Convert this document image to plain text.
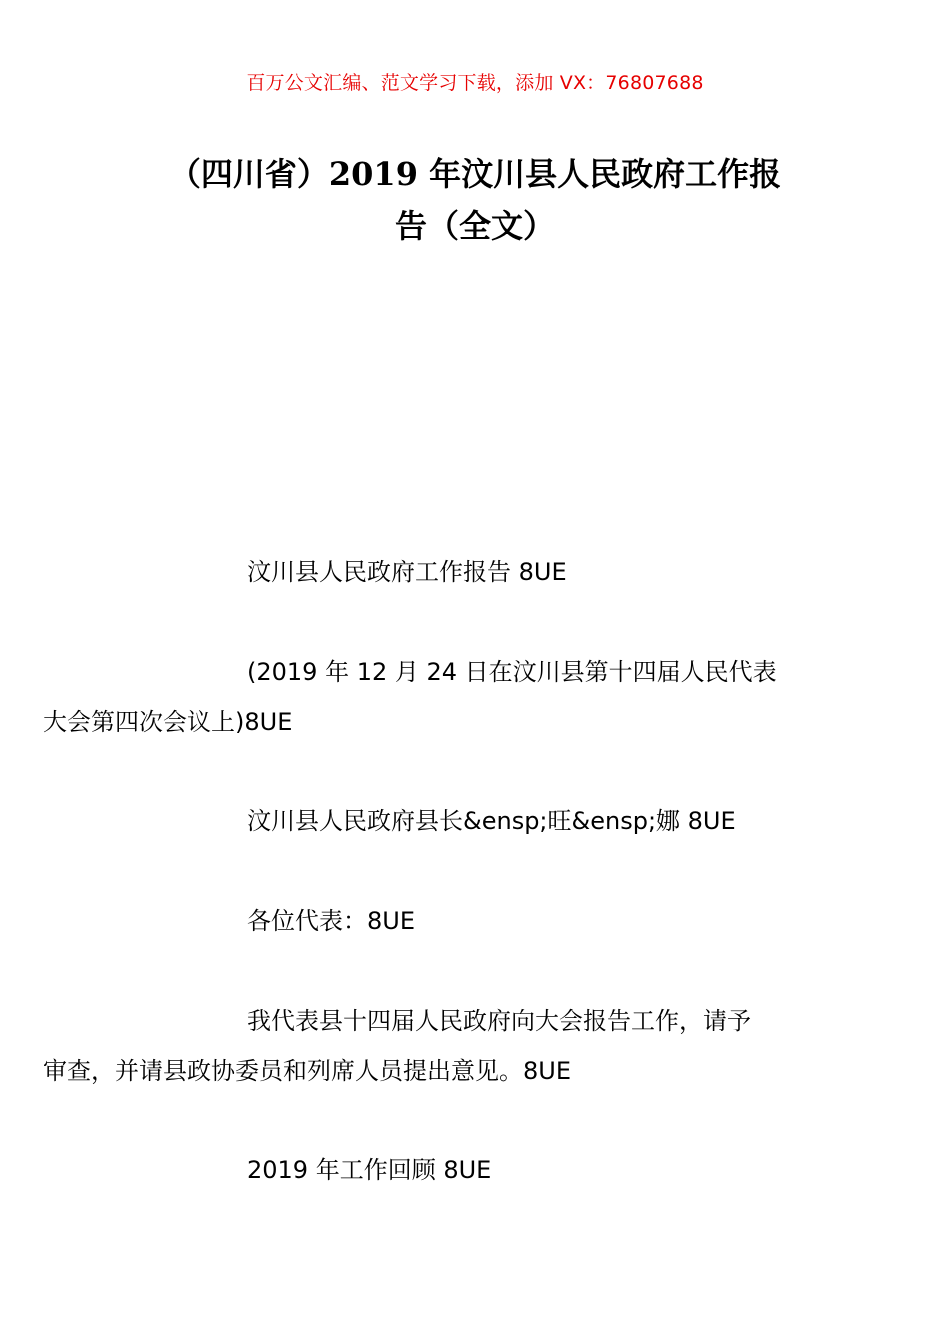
百万公文汇编、范文学习下载，添加 VX：76807688
（四川省）2019 年汶川县人民政府工作报
告（全文）

汶川县人民政府工作报告 8UE

(2019 年 12 月 24 日在汶川县第十四届人民代表
大会第四次会议上)8UE

汶川县人民政府县长&ensp;旺&ensp;娜 8UE

各位代表：8UE

我代表县十四届人民政府向大会报告工作，请予
审查，并请县政协委员和列席人员提出意见。8UE

2019 年工作回顾 8UE
